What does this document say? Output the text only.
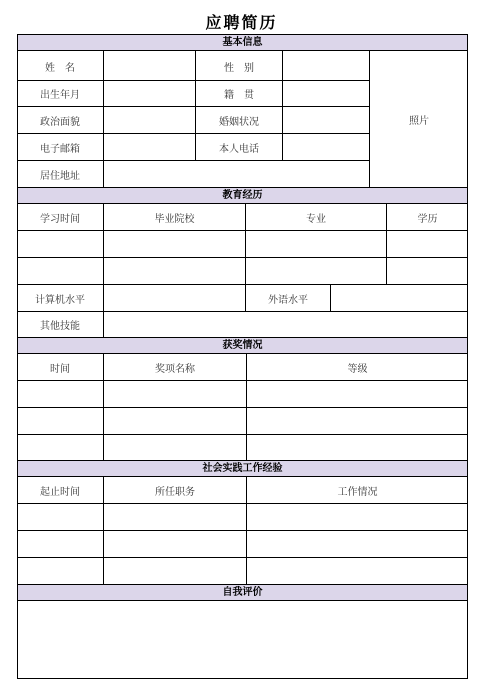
应聘简历
基本信息
姓　名	性　别
出生年月	籍　贯
政治面貌	婚姻状况
电子邮箱	本人电话
居住地址
照片
教育经历
学习时间	毕业院校	专业	学历
计算机水平	外语水平
其他技能
获奖情况
时间	奖项名称	等级
社会实践工作经验
起止时间	所任职务	工作情况
自我评价
